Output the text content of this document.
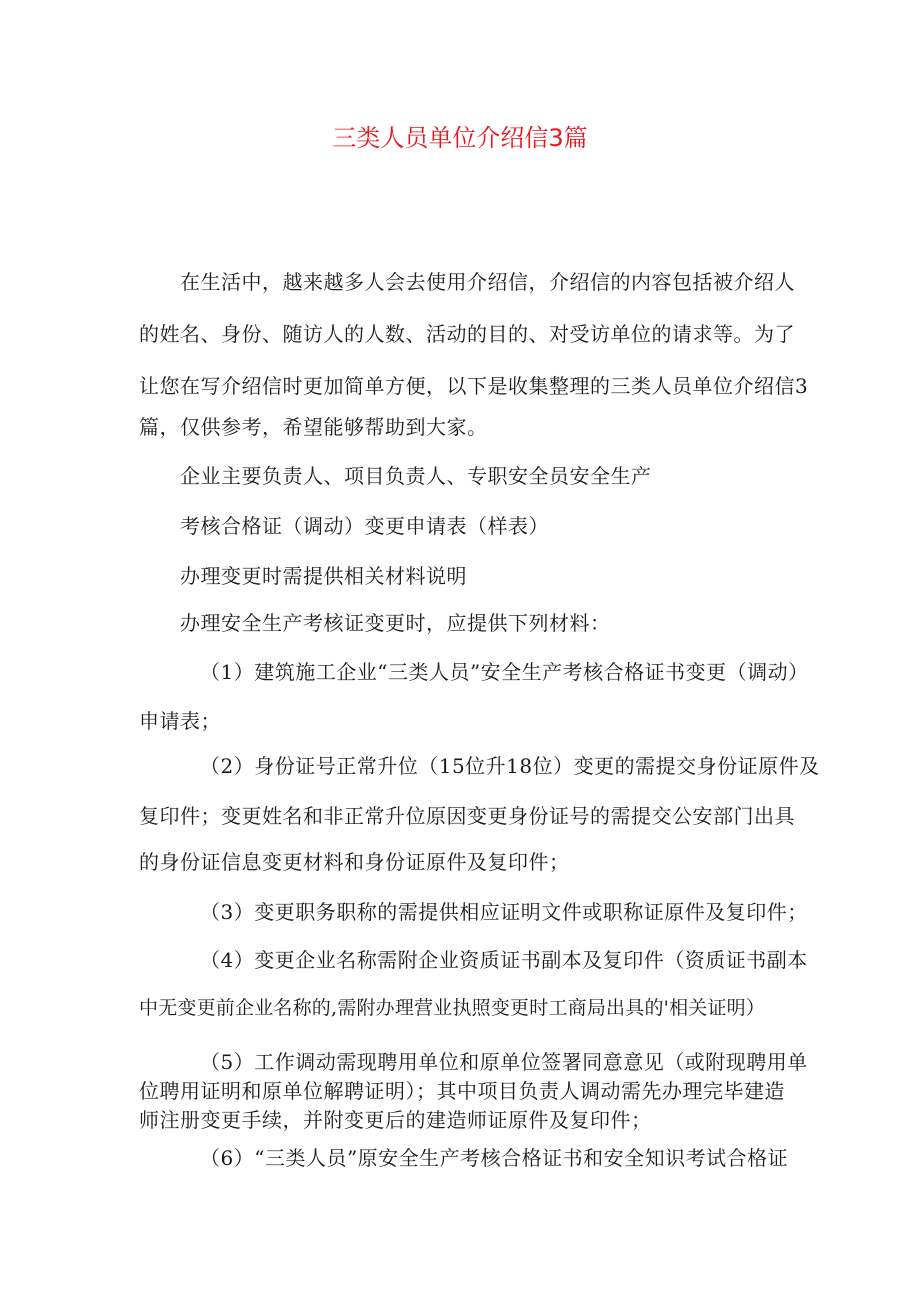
三类人员单位介绍信3篇
在生活中，越来越多人会去使用介绍信，介绍信的内容包括被介绍人
的姓名、身份、随访人的人数、活动的目的、对受访单位的请求等。为了
让您在写介绍信时更加简单方便，以下是收集整理的三类人员单位介绍信3
篇，仅供参考，希望能够帮助到大家。
企业主要负责人、项目负责人、专职安全员安全生产
考核合格证（调动）变更申请表（样表）
办理变更时需提供相关材料说明
办理安全生产考核证变更时，应提供下列材料：
（1）建筑施工企业“三类人员”安全生产考核合格证书变更（调动）
申请表；
（2）身份证号正常升位（15位升18位）变更的需提交身份证原件及
复印件；变更姓名和非正常升位原因变更身份证号的需提交公安部门出具
的身份证信息变更材料和身份证原件及复印件；
（3）变更职务职称的需提供相应证明文件或职称证原件及复印件；
（4）变更企业名称需附企业资质证书副本及复印件（资质证书副本
中无变更前企业名称的,需附办理营业执照变更时工商局出具的'相关证明）
（5）工作调动需现聘用单位和原单位签署同意意见（或附现聘用单
位聘用证明和原单位解聘证明）；其中项目负责人调动需先办理完毕建造
师注册变更手续，并附变更后的建造师证原件及复印件；
（6）“三类人员”原安全生产考核合格证书和安全知识考试合格证
